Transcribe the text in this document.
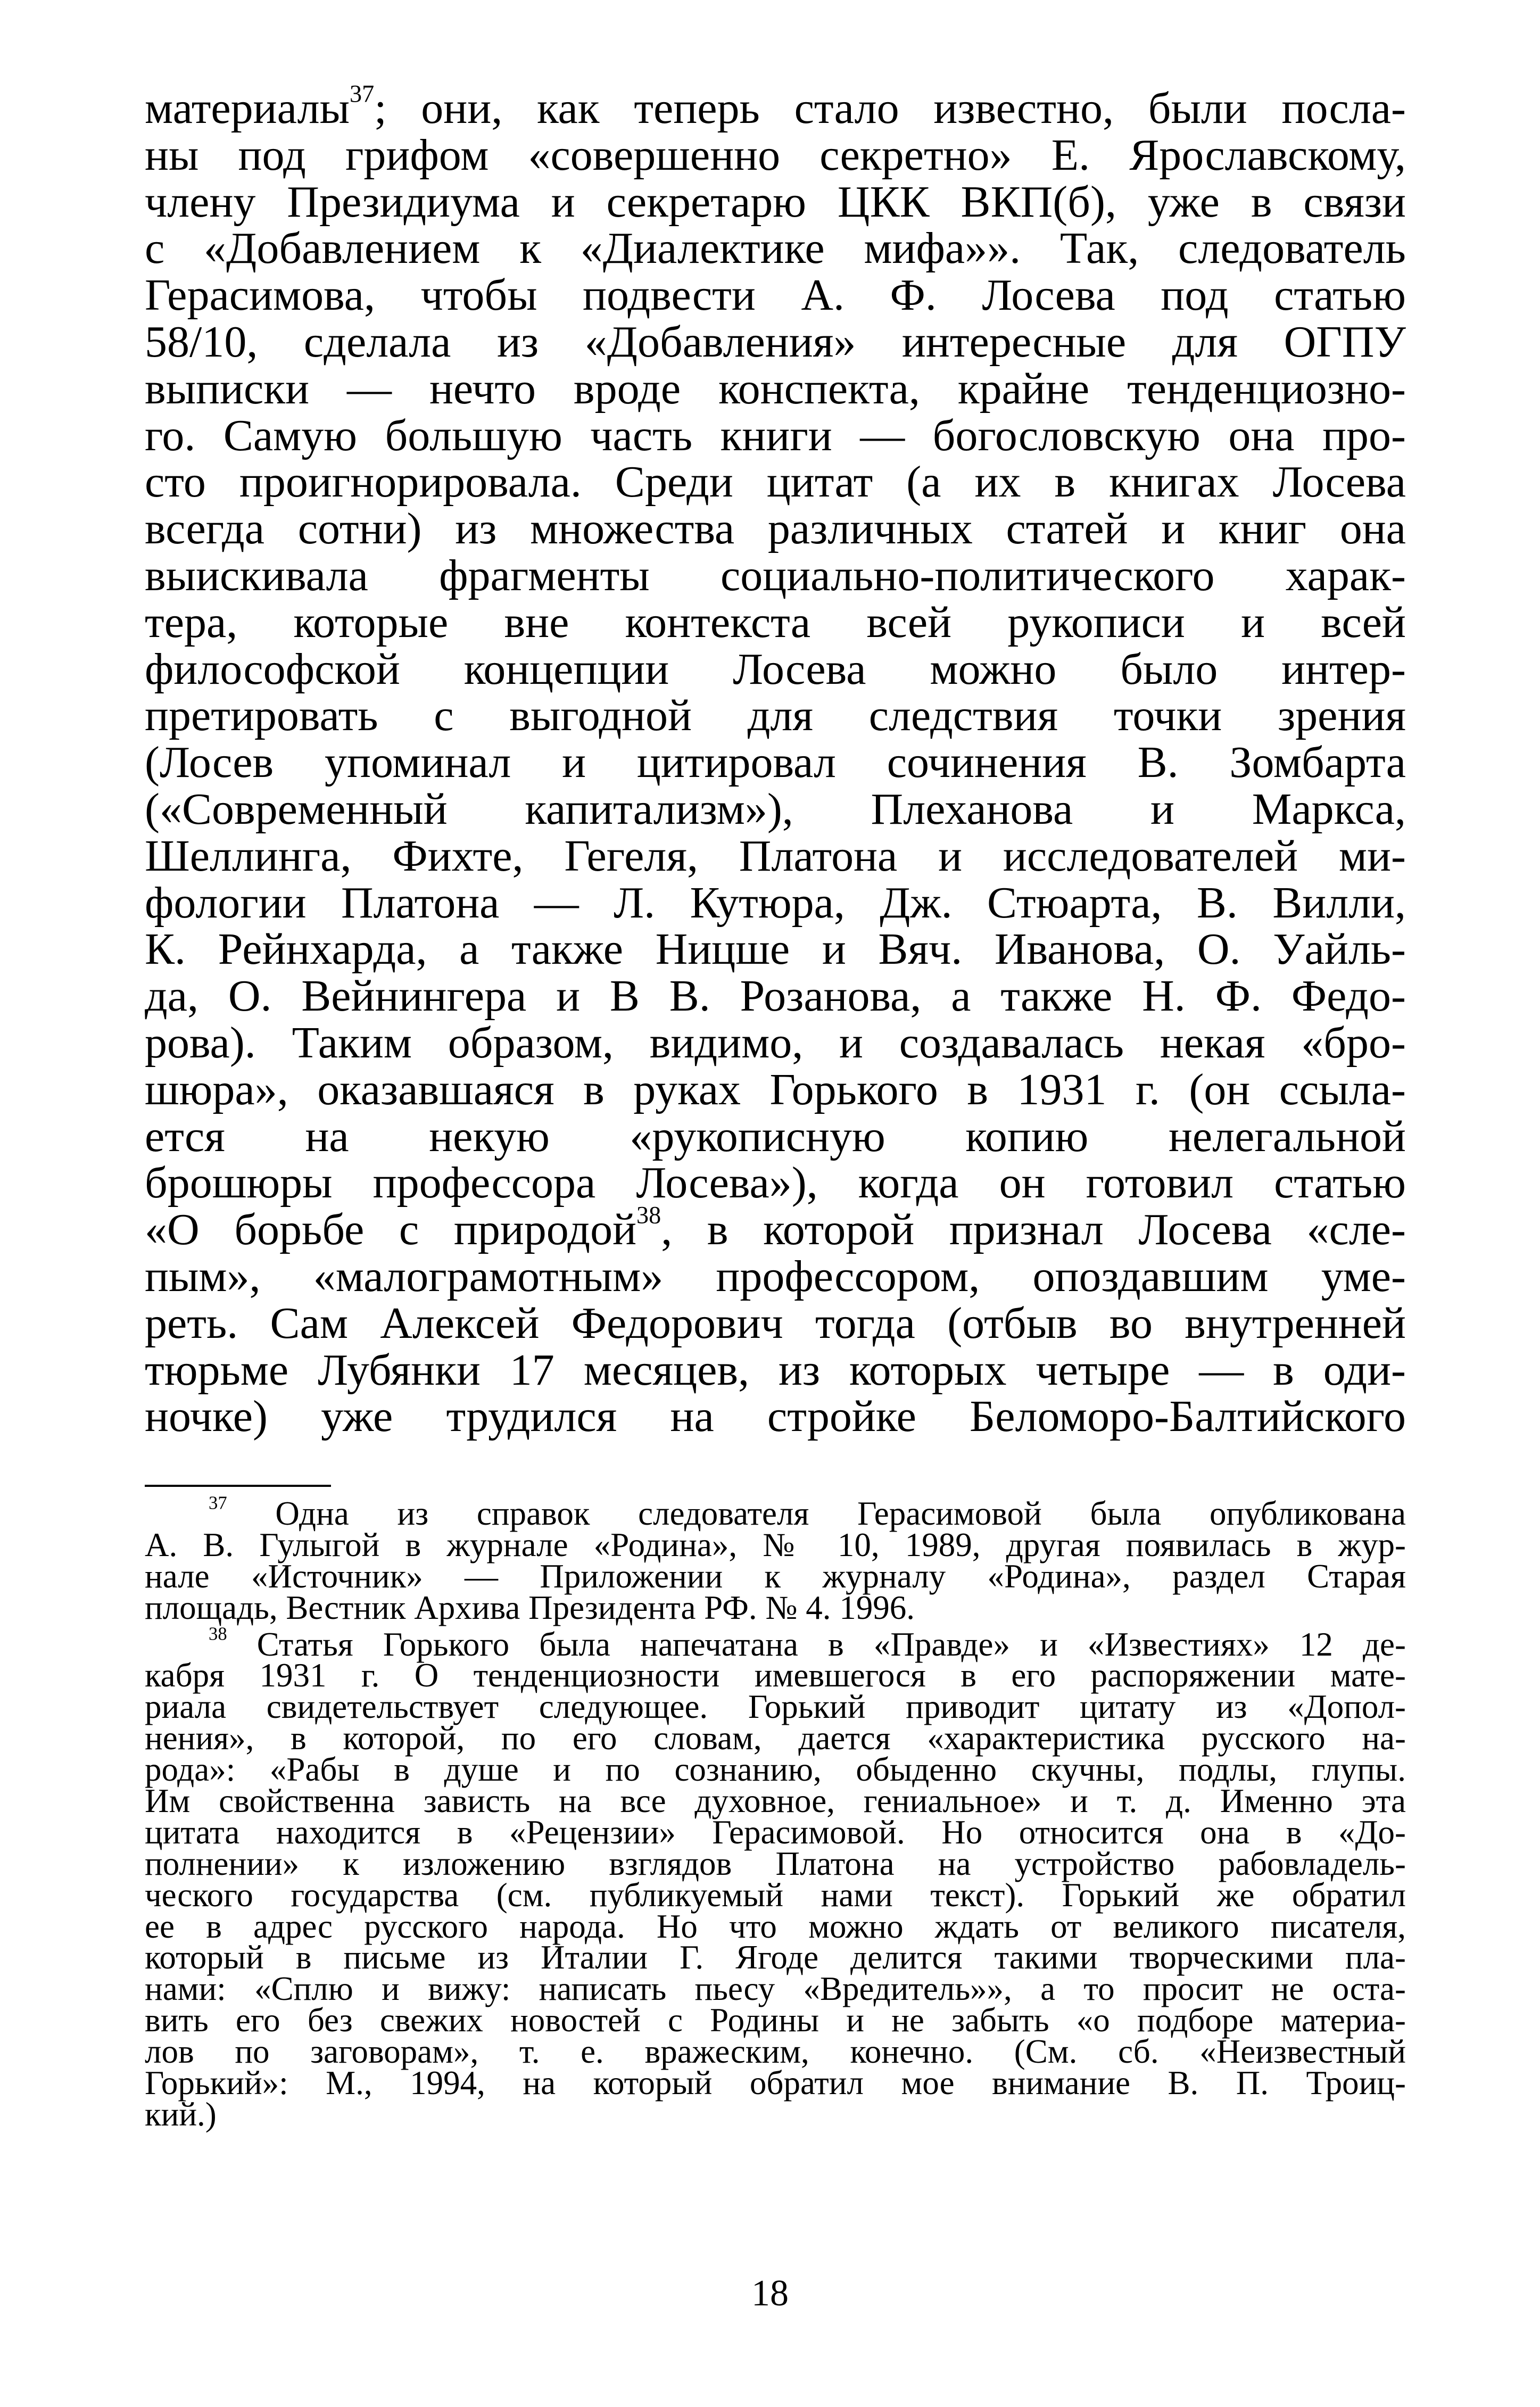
материалы$^{37}$; они, как теперь стало известно, были посла-
ны под грифом «совершенно секретно» Е. Ярославскому,
члену Президиума и секретарю ЦКК ВКП(б), уже в связи
с «Добавлением к «Диалектике мифа»». Так, следователь
Герасимова, чтобы подвести А. Ф. Лосева под статью
58/10, сделала из «Добавления» интересные для ОГПУ
выписки — нечто вроде конспекта, крайне тенденциозно-
го. Самую большую часть книги — богословскую она про-
сто проигнорировала. Среди цитат (а их в книгах Лосева
всегда сотни) из множества различных статей и книг она
выискивала фрагменты социально-политического харак-
тера, которые вне контекста всей рукописи и всей
философской концепции Лосева можно было интер-
претировать с выгодной для следствия точки зрения
(Лосев упоминал и цитировал сочинения В. Зомбарта
(«Современный капитализм»), Плеханова и Маркса,
Шеллинга, Фихте, Гегеля, Платона и исследователей ми-
фологии Платона — Л. Кутюра, Дж. Стюарта, В. Вилли,
К. Рейнхарда, а также Ницше и Вяч. Иванова, О. Уайль-
да, О. Вейнингера и В В. Розанова, а также Н. Ф. Федо-
рова). Таким образом, видимо, и создавалась некая «бро-
шюра», оказавшаяся в руках Горького в 1931 г. (он ссыла-
ется на некую «рукописную копию нелегальной
брошюры профессора Лосева»), когда он готовил статью
«О борьбе с природой$^{38}$, в которой признал Лосева «сле-
пым», «малограмотным» профессором, опоздавшим уме-
реть. Сам Алексей Федорович тогда (отбыв во внутренней
тюрьме Лубянки 17 месяцев, из которых четыре — в оди-
ночке) уже трудился на стройке Беломоро-Балтийского
$^{37}$ Одна из справок следователя Герасимовой была опубликована
А. В. Гулыгой в журнале «Родина», № 10, 1989, другая появилась в жур-
нале «Источник» — Приложении к журналу «Родина», раздел Старая
площадь, Вестник Архива Президента РФ. № 4. 1996.
$^{38}$ Статья Горького была напечатана в «Правде» и «Известиях» 12 де-
кабря 1931 г. О тенденциозности имевшегося в его распоряжении мате-
риала свидетельствует следующее. Горький приводит цитату из «Допол-
нения», в которой, по его словам, дается «характеристика русского на-
рода»: «Рабы в душе и по сознанию, обыденно скучны, подлы, глупы.
Им свойственна зависть на все духовное, гениальное» и т. д. Именно эта
цитата находится в «Рецензии» Герасимовой. Но относится она в «До-
полнении» к изложению взглядов Платона на устройство рабовладель-
ческого государства (см. публикуемый нами текст). Горький же обратил
ее в адрес русского народа. Но что можно ждать от великого писателя,
который в письме из Италии Г. Ягоде делится такими творческими пла-
нами: «Сплю и вижу: написать пьесу «Вредитель»», а то просит не оста-
вить его без свежих новостей с Родины и не забыть «о подборе материа-
лов по заговорам», т. е. вражеским, конечно. (См. сб. «Неизвестный
Горький»: М., 1994, на который обратил мое внимание В. П. Троиц-
кий.)
18
